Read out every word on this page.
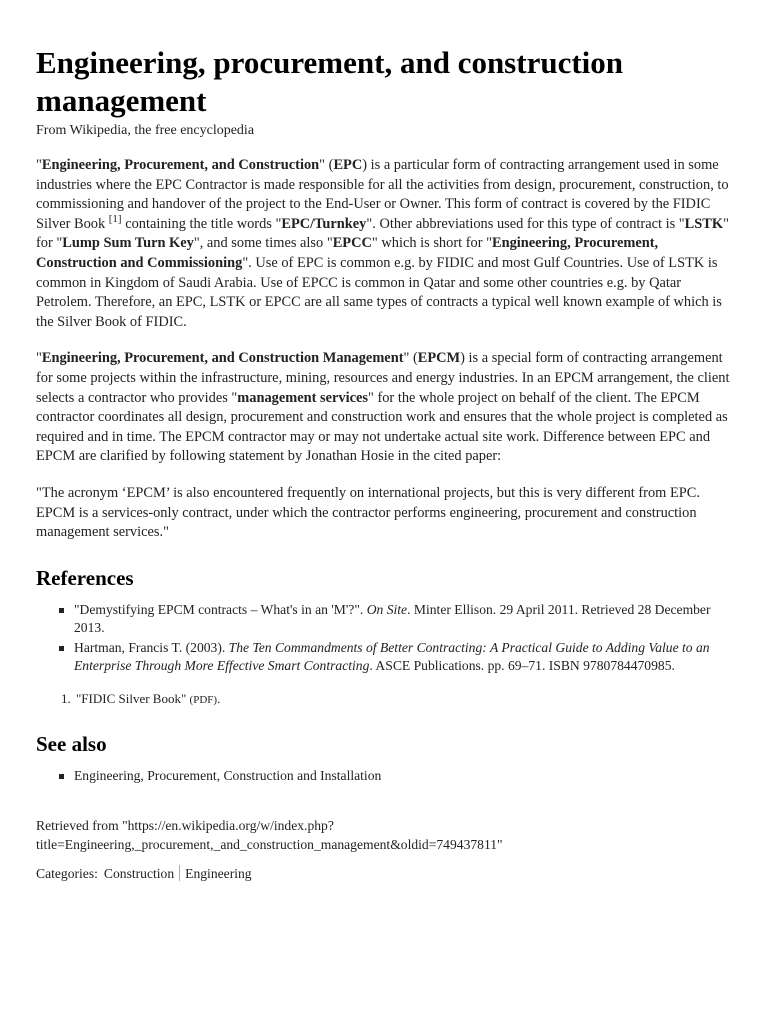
Engineering, procurement, and construction management
From Wikipedia, the free encyclopedia

"Engineering, Procurement, and Construction" (EPC) is a particular form of contracting arrangement used in some industries where the EPC Contractor is made responsible for all the activities from design, procurement, construction, to commissioning and handover of the project to the End-User or Owner. This form of contract is covered by the FIDIC Silver Book [1] containing the title words "EPC/Turnkey". Other abbreviations used for this type of contract is "LSTK" for "Lump Sum Turn Key", and some times also "EPCC" which is short for "Engineering, Procurement, Construction and Commissioning". Use of EPC is common e.g. by FIDIC and most Gulf Countries. Use of LSTK is common in Kingdom of Saudi Arabia. Use of EPCC is common in Qatar and some other countries e.g. by Qatar Petrolem. Therefore, an EPC, LSTK or EPCC are all same types of contracts a typical well known example of which is the Silver Book of FIDIC.

"Engineering, Procurement, and Construction Management" (EPCM) is a special form of contracting arrangement for some projects within the infrastructure, mining, resources and energy industries. In an EPCM arrangement, the client selects a contractor who provides "management services" for the whole project on behalf of the client. The EPCM contractor coordinates all design, procurement and construction work and ensures that the whole project is completed as required and in time. The EPCM contractor may or may not undertake actual site work. Difference between EPC and EPCM are clarified by following statement by Jonathan Hosie in the cited paper:

"The acronym ‘EPCM’ is also encountered frequently on international projects, but this is very different from EPC. EPCM is a services-only contract, under which the contractor performs engineering, procurement and construction management services."

References
"Demystifying EPCM contracts – What's in an 'M'?". On Site. Minter Ellison. 29 April 2011. Retrieved 28 December 2013.
Hartman, Francis T. (2003). The Ten Commandments of Better Contracting: A Practical Guide to Adding Value to an Enterprise Through More Effective Smart Contracting. ASCE Publications. pp. 69–71. ISBN 9780784470985.
1. "FIDIC Silver Book" (PDF).
See also
Engineering, Procurement, Construction and Installation
Retrieved from "https://en.wikipedia.org/w/index.php?
title=Engineering,_procurement,_and_construction_management&oldid=749437811"
Categories: Construction Engineering
